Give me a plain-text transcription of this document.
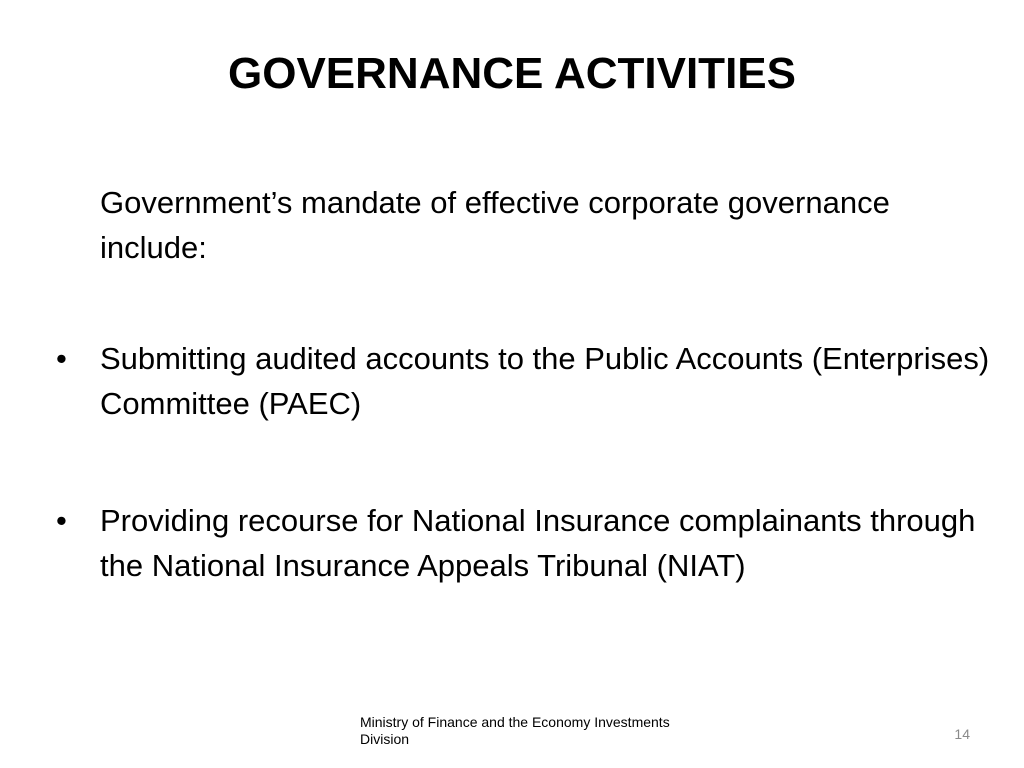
GOVERNANCE ACTIVITIES
Government’s mandate of effective corporate governance include:
•	Submitting audited accounts to the Public Accounts (Enterprises) Committee (PAEC)
•	Providing recourse for National Insurance complainants through the National Insurance Appeals Tribunal (NIAT)
Ministry of Finance and the Economy Investments Division	14
